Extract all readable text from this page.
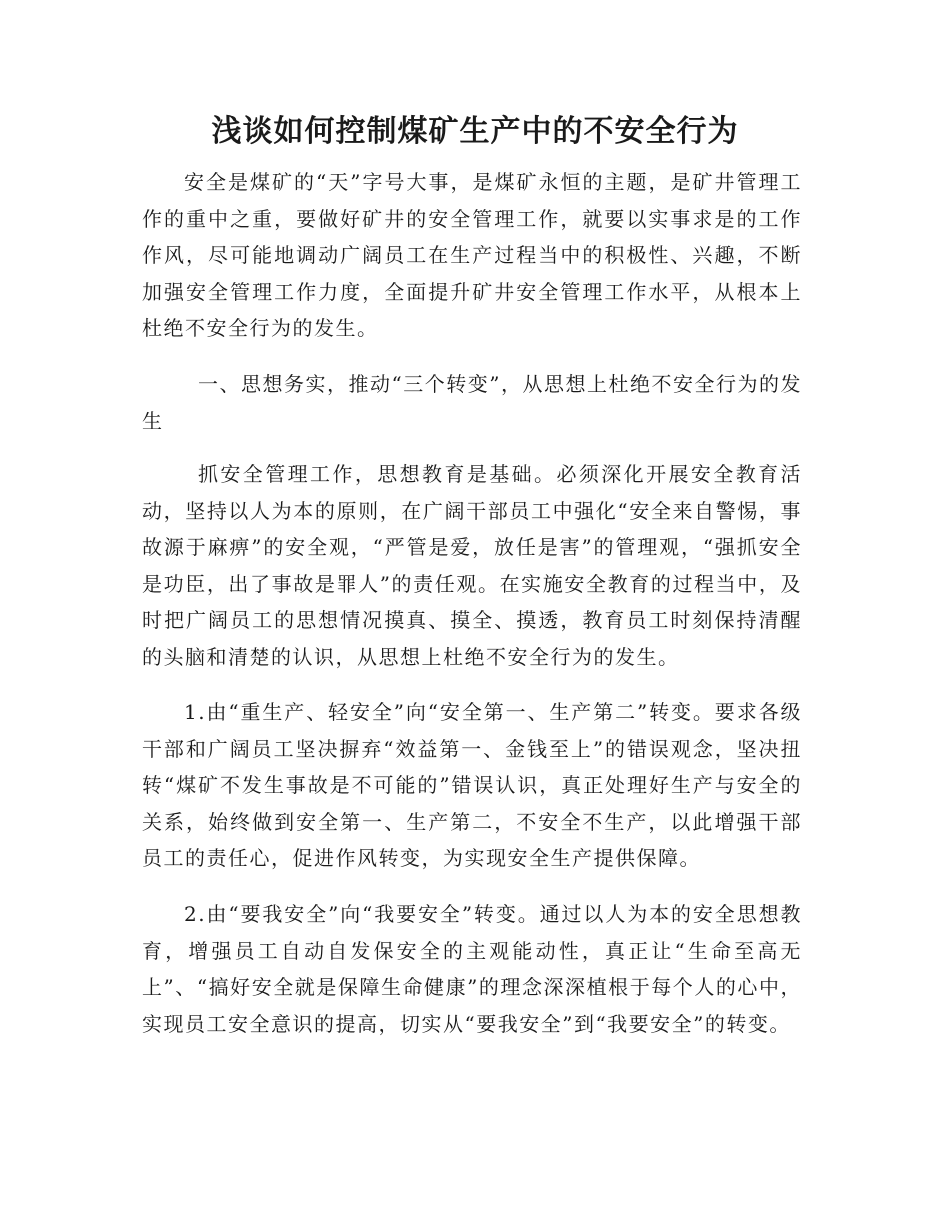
浅谈如何控制煤矿生产中的不安全行为

安全是煤矿的“天”字号大事，是煤矿永恒的主题，是矿井管理工作的重中之重，要做好矿井的安全管理工作，就要以实事求是的工作作风，尽可能地调动广阔员工在生产过程当中的积极性、兴趣，不断加强安全管理工作力度，全面提升矿井安全管理工作水平，从根本上杜绝不安全行为的发生。

一、思想务实，推动“三个转变”，从思想上杜绝不安全行为的发生

抓安全管理工作，思想教育是基础。必须深化开展安全教育活动，坚持以人为本的原则，在广阔干部员工中强化“安全来自警惕，事故源于麻痹”的安全观，“严管是爱，放任是害”的管理观，“强抓安全是功臣，出了事故是罪人”的责任观。在实施安全教育的过程当中，及时把广阔员工的思想情况摸真、摸全、摸透，教育员工时刻保持清醒的头脑和清楚的认识，从思想上杜绝不安全行为的发生。

1.由“重生产、轻安全”向“安全第一、生产第二”转变。要求各级干部和广阔员工坚决摒弃“效益第一、金钱至上”的错误观念，坚决扭转“煤矿不发生事故是不可能的”错误认识，真正处理好生产与安全的关系，始终做到安全第一、生产第二，不安全不生产，以此增强干部员工的责任心，促进作风转变，为实现安全生产提供保障。

2.由“要我安全”向“我要安全”转变。通过以人为本的安全思想教育，增强员工自动自发保安全的主观能动性，真正让“生命至高无上”、“搞好安全就是保障生命健康”的理念深深植根于每个人的心中，实现员工安全意识的提高，切实从“要我安全”到“我要安全”的转变。
